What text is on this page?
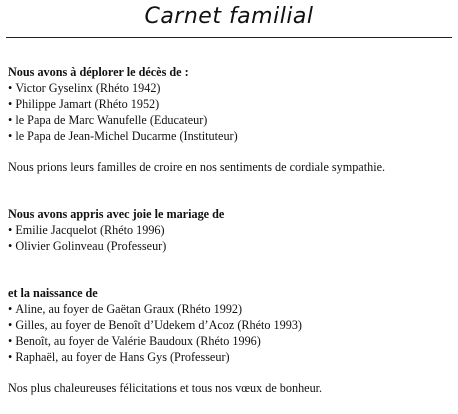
Carnet familial

Nous avons à déplorer le décès de :

• Victor Gyselinx (Rhéto 1942)

• Philippe Jamart (Rhéto 1952)

• le Papa de Marc Wanufelle (Educateur)

• le Papa de Jean-Michel Ducarme (Instituteur)

Nous prions leurs familles de croire en nos sentiments de cordiale sympathie.

Nous avons appris avec joie le mariage de

• Emilie Jacquelot (Rhéto 1996)

• Olivier Golinveau (Professeur)

et la naissance de

• Aline, au foyer de Gaëtan Graux (Rhéto 1992)

• Gilles, au foyer de Benoît d’Udekem d’Acoz (Rhéto 1993)

• Benoît, au foyer de Valérie Baudoux (Rhéto 1996)

• Raphaël, au foyer de Hans Gys (Professeur)

Nos plus chaleureuses félicitations et tous nos vœux de bonheur.
